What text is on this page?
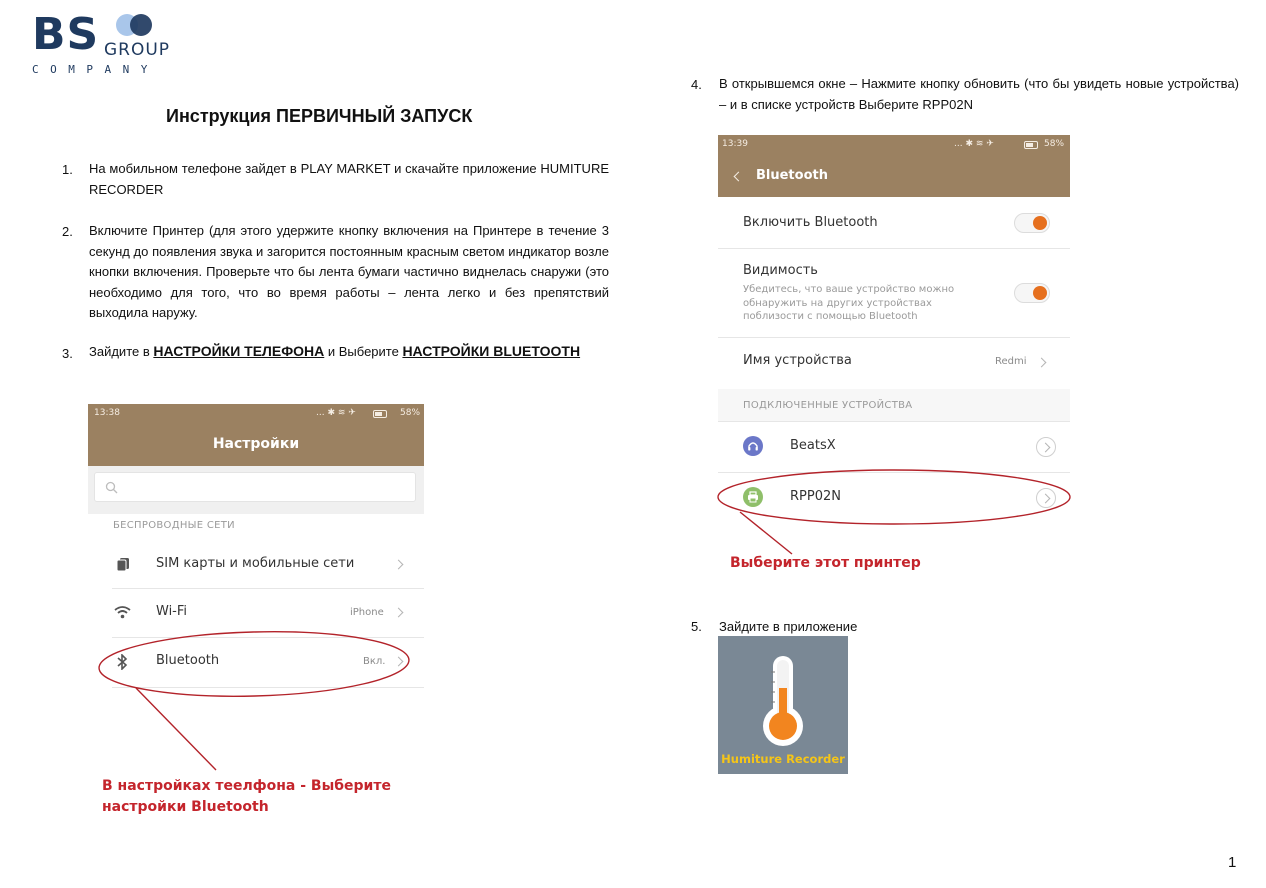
BS GROUP
COMPANY
Инструкция ПЕРВИЧНЫЙ ЗАПУСК
1. На мобильном телефоне зайдет в PLAY MARKET и скачайте приложение HUMITURE RECORDER
2. Включите Принтер (для этого удержите кнопку включения на Принтере в течение 3 секунд до появления звука и загорится постоянным красным светом индикатор возле кнопки включения. Проверьте что бы лента бумаги частично виднелась снаружи (это необходимо для того, что во время работы – лента легко и без препятствий выходила наружу.
3. Зайдите в НАСТРОЙКИ ТЕЛЕФОНА и Выберите НАСТРОЙКИ BLUETOOTH
13:38	... ✱ ≋ ✈	58%
Настройки
БЕСПРОВОДНЫЕ СЕТИ
SIM карты и мобильные сети
Wi-Fi	iPhone
Bluetooth	Вкл.
В настройках теелфона - Выберите
настройки Bluetooth
4. В открывшемся окне – Нажмите кнопку обновить (что бы увидеть новые устройства) – и в списке устройств Выберите RPP02N
13:39	... ✱ ≋ ✈	58%
Bluetooth
Включить Bluetooth
Видимость
Убедитесь, что ваше устройство можно
обнаружить на других устройствах
поблизости с помощью Bluetooth
Имя устройства	Redmi
ПОДКЛЮЧЕННЫЕ УСТРОЙСТВА
BeatsX
RPP02N
Выберите этот принтер
5. Зайдите в приложение
Humiture Recorder
1
